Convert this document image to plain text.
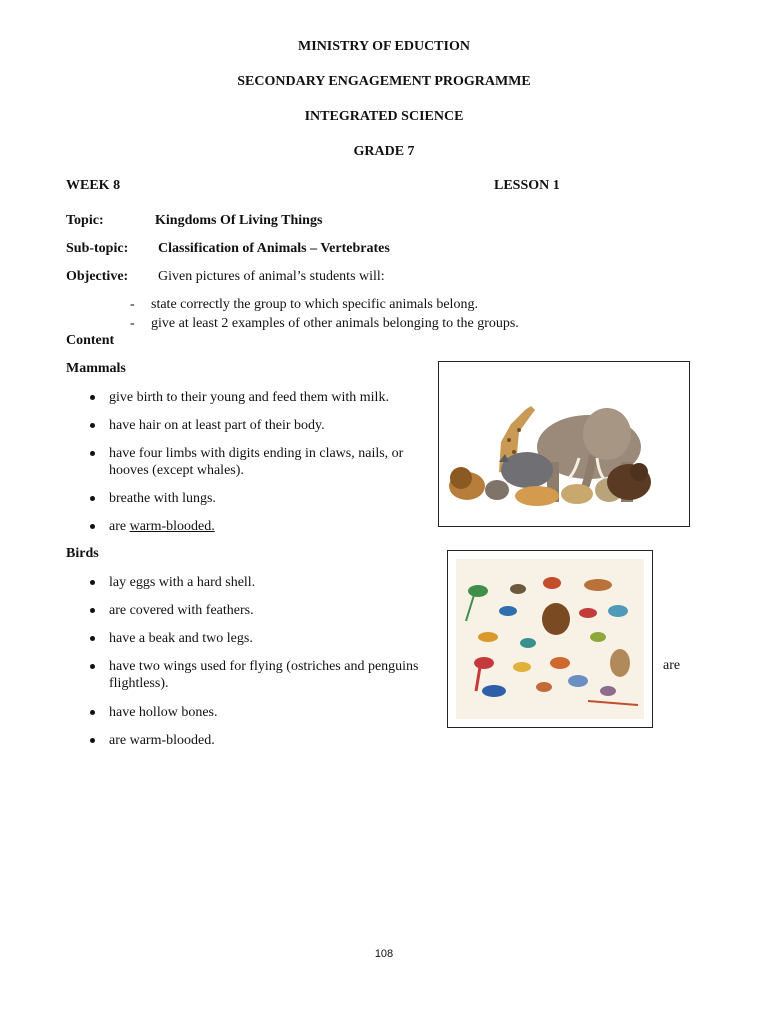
MINISTRY OF EDUCTION
SECONDARY ENGAGEMENT PROGRAMME
INTEGRATED SCIENCE
GRADE 7
WEEK 8	LESSON 1
Topic:	Kingdoms Of Living Things
Sub-topic: Classification of Animals – Vertebrates
Objective: Given pictures of animal’s students will:
- state correctly the group to which specific animals belong.
- give at least 2 examples of other animals belonging to the groups.
Content
Mammals
give birth to their young and feed them with milk.
have hair on at least part of their body.
have four limbs with digits ending in claws, nails, or hooves (except whales).
breathe with lungs.
are warm-blooded.
Birds
lay eggs with a hard shell.
are covered with feathers.
have a beak and two legs.
have two wings used for flying (ostriches and penguins flightless).
have hollow bones.
are warm-blooded.
are
108
